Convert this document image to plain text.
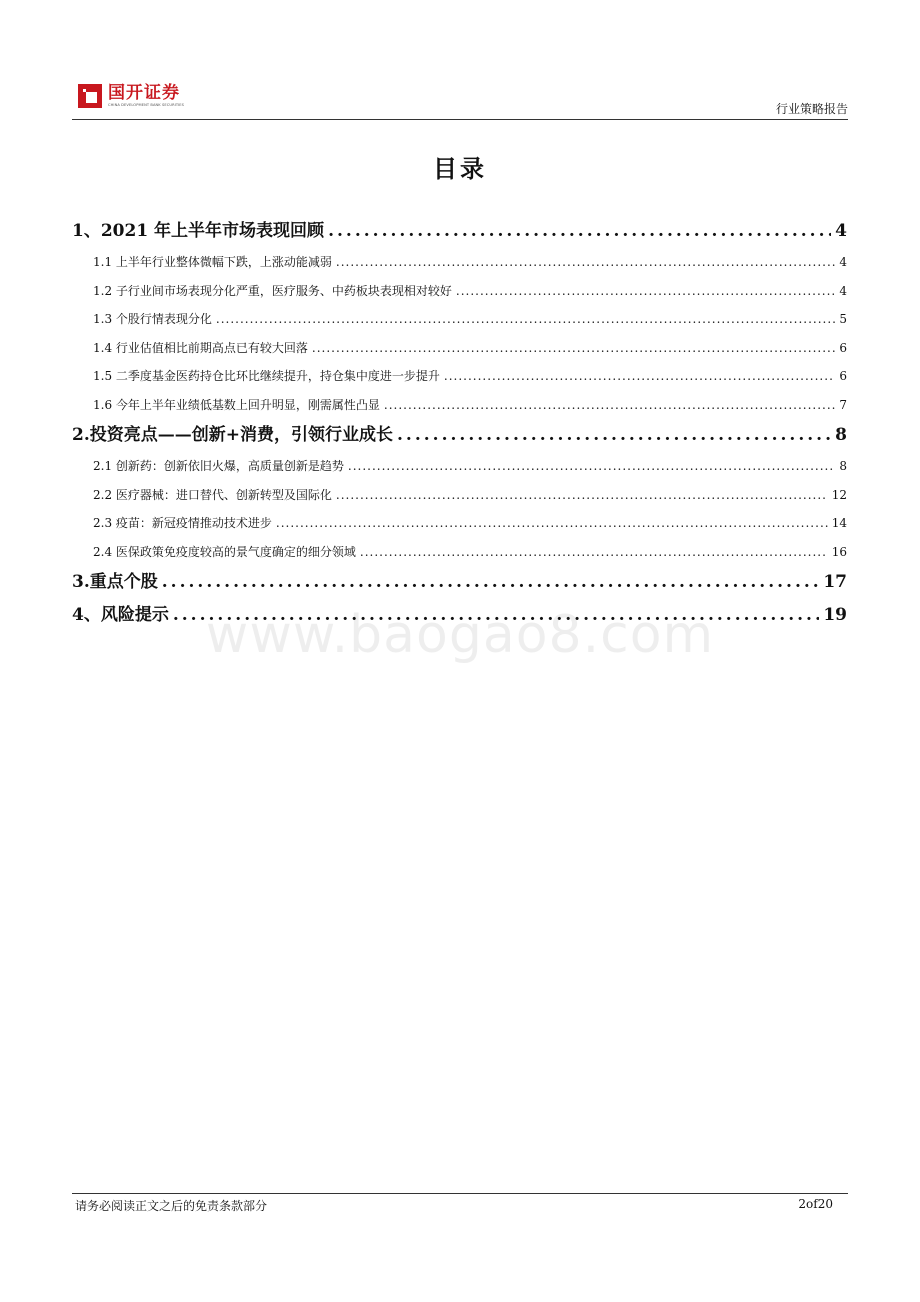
国开证券
CHINA DEVELOPMENT BANK SECURITIES	行业策略报告
目录
1、2021 年上半年市场表现回顾 .....	4
1.1 上半年行业整体微幅下跌，上涨动能减弱 .....	4
1.2 子行业间市场表现分化严重，医疗服务、中药板块表现相对较好 .....	4
1.3 个股行情表现分化 .....	5
1.4 行业估值相比前期高点已有较大回落 .....	6
1.5 二季度基金医药持仓比环比继续提升，持仓集中度进一步提升 .....	6
1.6 今年上半年业绩低基数上回升明显，刚需属性凸显 .....	7
2.投资亮点——创新+消费，引领行业成长 .....	8
2.1 创新药：创新依旧火爆，高质量创新是趋势 .....	8
2.2 医疗器械：进口替代、创新转型及国际化 .....	12
2.3 疫苗：新冠疫情推动技术进步 .....	14
2.4 医保政策免疫度较高的景气度确定的细分领域 .....	16
3.重点个股 .....	17
4、风险提示 .....	19
www.baogao8.com
请务必阅读正文之后的免责条款部分	2of20
